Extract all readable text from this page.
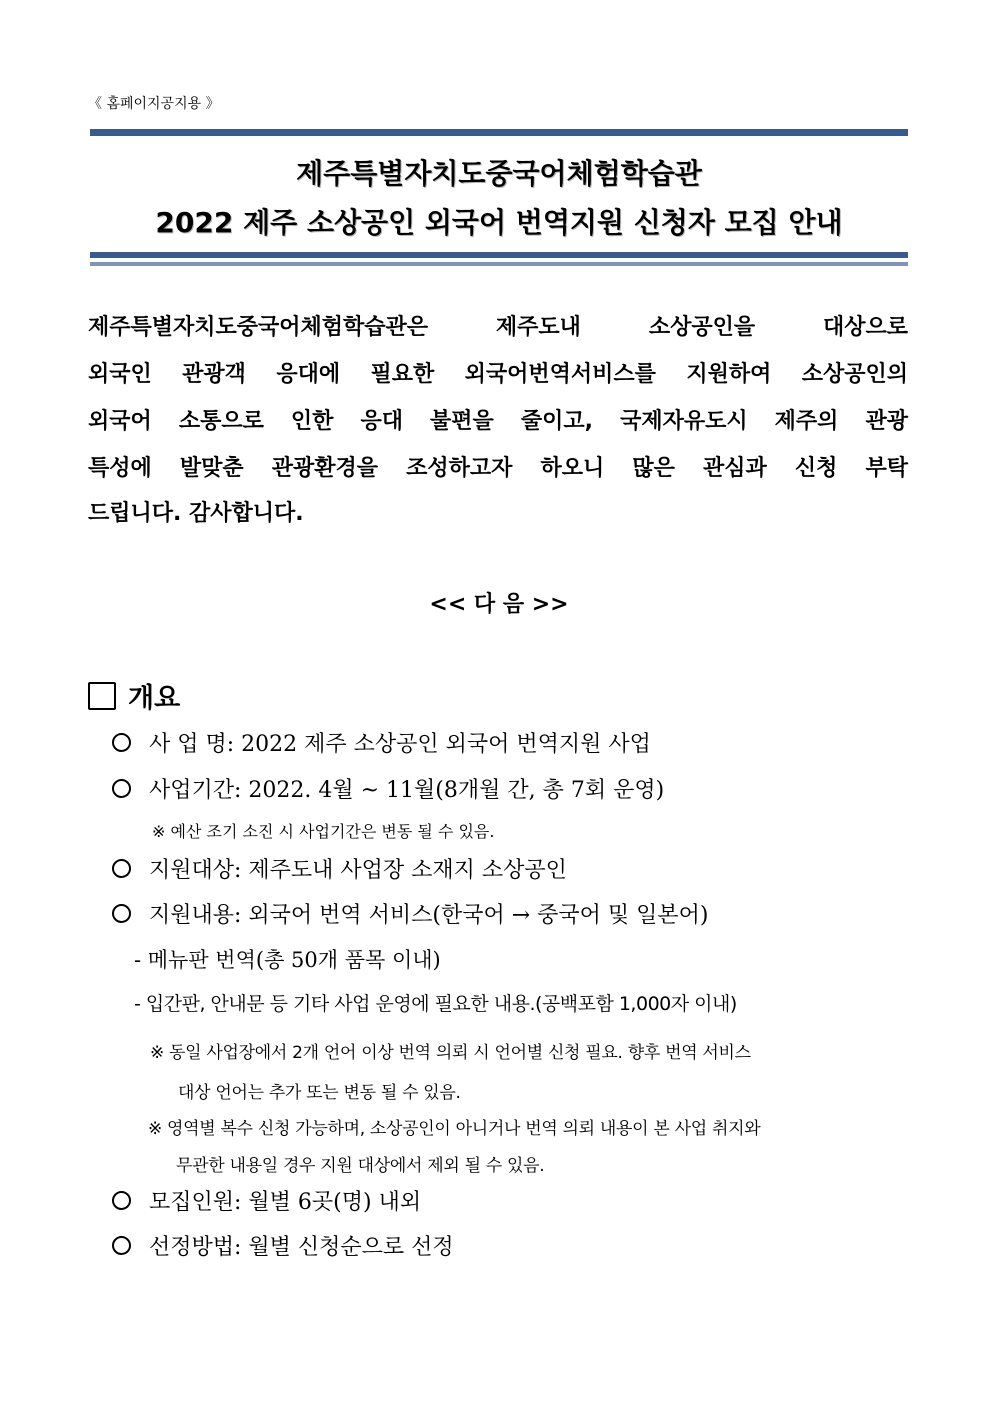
《 홈페이지공지용 》
제주특별자치도중국어체험학습관
2022 제주 소상공인 외국어 번역지원 신청자 모집 안내
제주특별자치도중국어체험학습관은 제주도내 소상공인을 대상으로
외국인 관광객 응대에 필요한 외국어번역서비스를 지원하여 소상공인의
외국어 소통으로 인한 응대 불편을 줄이고, 국제자유도시 제주의 관광
특성에 발맞춘 관광환경을 조성하고자 하오니 많은 관심과 신청 부탁
드립니다. 감사합니다.
<< 다 음 >>
개요
사 업 명: 2022 제주 소상공인 외국어 번역지원 사업
사업기간: 2022. 4월 ~ 11월(8개월 간, 총 7회 운영)
※ 예산 조기 소진 시 사업기간은 변동 될 수 있음.
지원대상: 제주도내 사업장 소재지 소상공인
지원내용: 외국어 번역 서비스(한국어 → 중국어 및 일본어)
- 메뉴판 번역(총 50개 품목 이내)
- 입간판, 안내문 등 기타 사업 운영에 필요한 내용.(공백포함 1,000자 이내)
※ 동일 사업장에서 2개 언어 이상 번역 의뢰 시 언어별 신청 필요. 향후 번역 서비스
대상 언어는 추가 또는 변동 될 수 있음.
※ 영역별 복수 신청 가능하며, 소상공인이 아니거나 번역 의뢰 내용이 본 사업 취지와
무관한 내용일 경우 지원 대상에서 제외 될 수 있음.
모집인원: 월별 6곳(명) 내외
선정방법: 월별 신청순으로 선정
